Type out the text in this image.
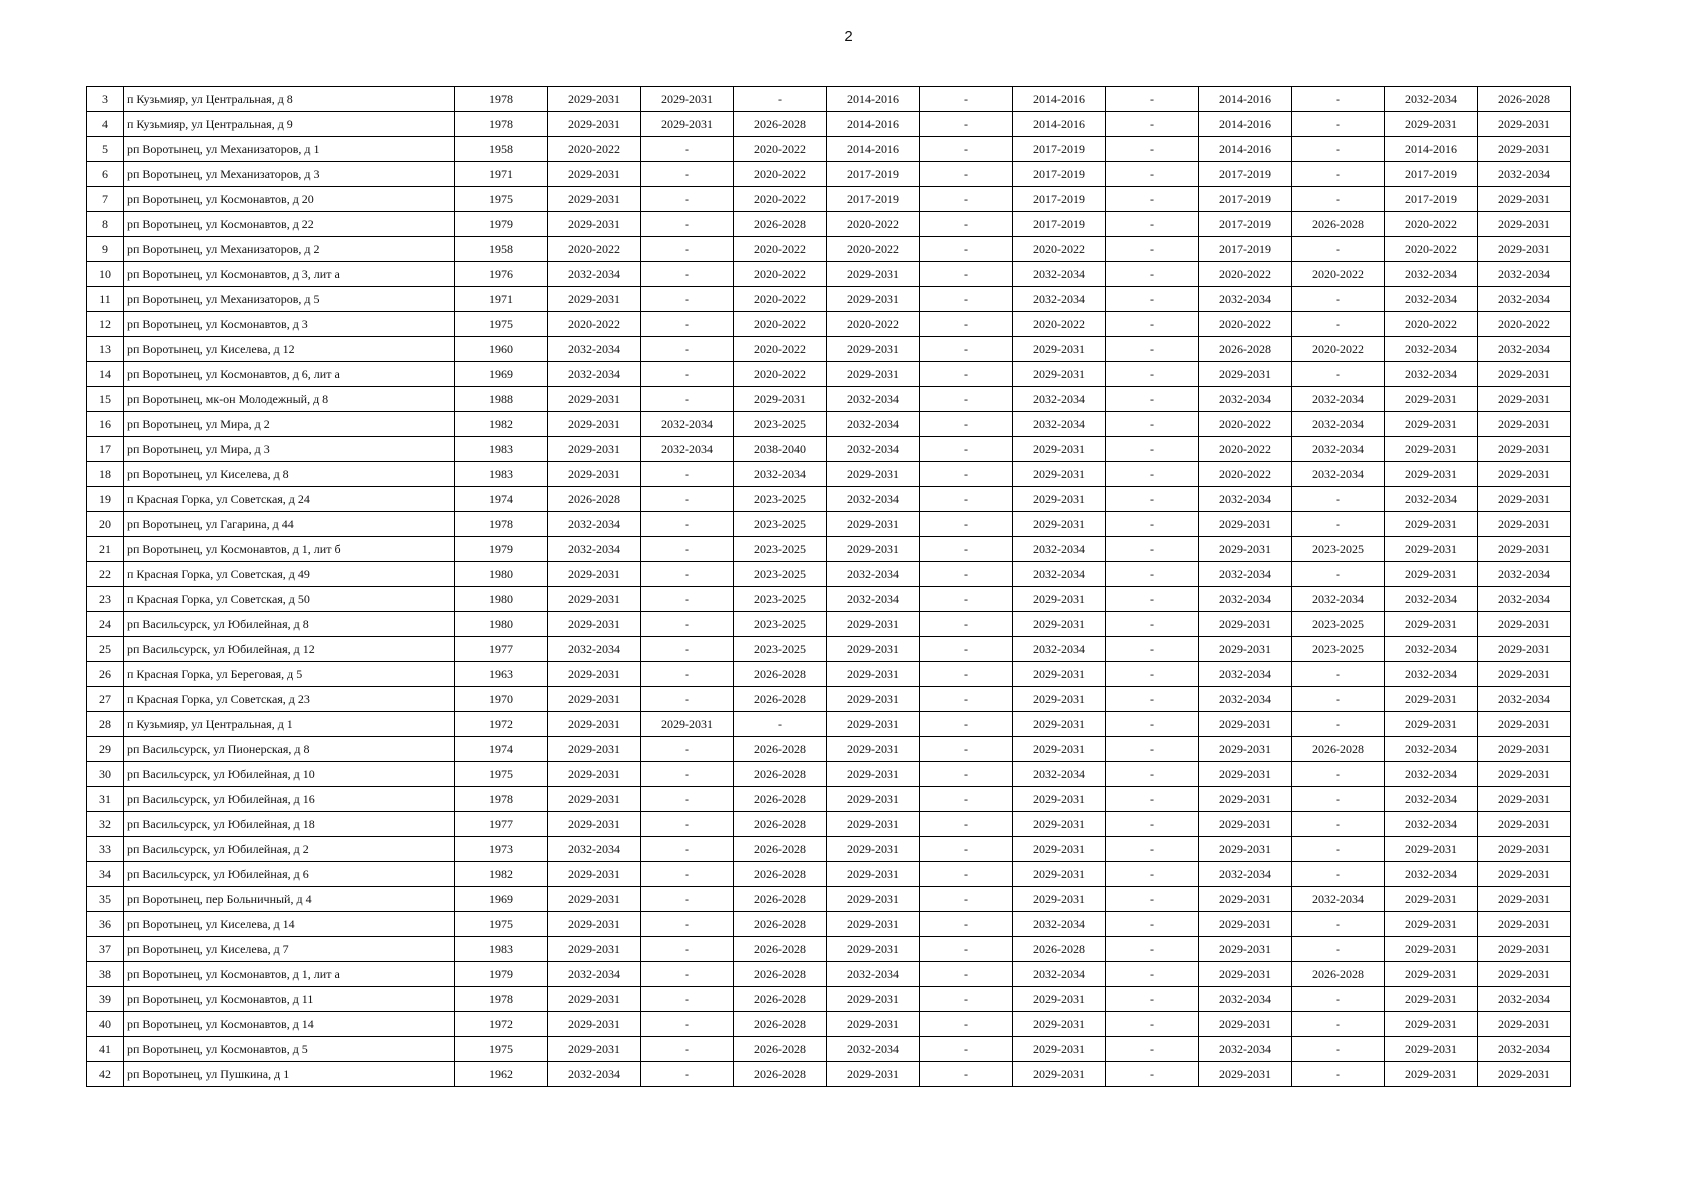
2
3	п Кузьмияр, ул Центральная, д 8	1978	2029-2031	2029-2031	-	2014-2016	-	2014-2016	-	2014-2016	-	2032-2034	2026-2028
4	п Кузьмияр, ул Центральная, д 9	1978	2029-2031	2029-2031	2026-2028	2014-2016	-	2014-2016	-	2014-2016	-	2029-2031	2029-2031
5	рп Воротынец, ул Механизаторов, д 1	1958	2020-2022	-	2020-2022	2014-2016	-	2017-2019	-	2014-2016	-	2014-2016	2029-2031
6	рп Воротынец, ул Механизаторов, д 3	1971	2029-2031	-	2020-2022	2017-2019	-	2017-2019	-	2017-2019	-	2017-2019	2032-2034
7	рп Воротынец, ул Космонавтов, д 20	1975	2029-2031	-	2020-2022	2017-2019	-	2017-2019	-	2017-2019	-	2017-2019	2029-2031
8	рп Воротынец, ул Космонавтов, д 22	1979	2029-2031	-	2026-2028	2020-2022	-	2017-2019	-	2017-2019	2026-2028	2020-2022	2029-2031
9	рп Воротынец, ул Механизаторов, д 2	1958	2020-2022	-	2020-2022	2020-2022	-	2020-2022	-	2017-2019	-	2020-2022	2029-2031
10	рп Воротынец, ул Космонавтов, д 3, лит а	1976	2032-2034	-	2020-2022	2029-2031	-	2032-2034	-	2020-2022	2020-2022	2032-2034	2032-2034
11	рп Воротынец, ул Механизаторов, д 5	1971	2029-2031	-	2020-2022	2029-2031	-	2032-2034	-	2032-2034	-	2032-2034	2032-2034
12	рп Воротынец, ул Космонавтов, д 3	1975	2020-2022	-	2020-2022	2020-2022	-	2020-2022	-	2020-2022	-	2020-2022	2020-2022
13	рп Воротынец, ул Киселева, д 12	1960	2032-2034	-	2020-2022	2029-2031	-	2029-2031	-	2026-2028	2020-2022	2032-2034	2032-2034
14	рп Воротынец, ул Космонавтов, д 6, лит а	1969	2032-2034	-	2020-2022	2029-2031	-	2029-2031	-	2029-2031	-	2032-2034	2029-2031
15	рп Воротынец, мк-он Молодежный, д 8	1988	2029-2031	-	2029-2031	2032-2034	-	2032-2034	-	2032-2034	2032-2034	2029-2031	2029-2031
16	рп Воротынец, ул Мира, д 2	1982	2029-2031	2032-2034	2023-2025	2032-2034	-	2032-2034	-	2020-2022	2032-2034	2029-2031	2029-2031
17	рп Воротынец, ул Мира, д 3	1983	2029-2031	2032-2034	2038-2040	2032-2034	-	2029-2031	-	2020-2022	2032-2034	2029-2031	2029-2031
18	рп Воротынец, ул Киселева, д 8	1983	2029-2031	-	2032-2034	2029-2031	-	2029-2031	-	2020-2022	2032-2034	2029-2031	2029-2031
19	п Красная Горка, ул Советская, д 24	1974	2026-2028	-	2023-2025	2032-2034	-	2029-2031	-	2032-2034	-	2032-2034	2029-2031
20	рп Воротынец, ул Гагарина, д 44	1978	2032-2034	-	2023-2025	2029-2031	-	2029-2031	-	2029-2031	-	2029-2031	2029-2031
21	рп Воротынец, ул Космонавтов, д 1, лит б	1979	2032-2034	-	2023-2025	2029-2031	-	2032-2034	-	2029-2031	2023-2025	2029-2031	2029-2031
22	п Красная Горка, ул Советская, д 49	1980	2029-2031	-	2023-2025	2032-2034	-	2032-2034	-	2032-2034	-	2029-2031	2032-2034
23	п Красная Горка, ул Советская, д 50	1980	2029-2031	-	2023-2025	2032-2034	-	2029-2031	-	2032-2034	2032-2034	2032-2034	2032-2034
24	рп Васильсурск, ул Юбилейная, д 8	1980	2029-2031	-	2023-2025	2029-2031	-	2029-2031	-	2029-2031	2023-2025	2029-2031	2029-2031
25	рп Васильсурск, ул Юбилейная, д 12	1977	2032-2034	-	2023-2025	2029-2031	-	2032-2034	-	2029-2031	2023-2025	2032-2034	2029-2031
26	п Красная Горка, ул Береговая, д 5	1963	2029-2031	-	2026-2028	2029-2031	-	2029-2031	-	2032-2034	-	2032-2034	2029-2031
27	п Красная Горка, ул Советская, д 23	1970	2029-2031	-	2026-2028	2029-2031	-	2029-2031	-	2032-2034	-	2029-2031	2032-2034
28	п Кузьмияр, ул Центральная, д 1	1972	2029-2031	2029-2031	-	2029-2031	-	2029-2031	-	2029-2031	-	2029-2031	2029-2031
29	рп Васильсурск, ул Пионерская, д 8	1974	2029-2031	-	2026-2028	2029-2031	-	2029-2031	-	2029-2031	2026-2028	2032-2034	2029-2031
30	рп Васильсурск, ул Юбилейная, д 10	1975	2029-2031	-	2026-2028	2029-2031	-	2032-2034	-	2029-2031	-	2032-2034	2029-2031
31	рп Васильсурск, ул Юбилейная, д 16	1978	2029-2031	-	2026-2028	2029-2031	-	2029-2031	-	2029-2031	-	2032-2034	2029-2031
32	рп Васильсурск, ул Юбилейная, д 18	1977	2029-2031	-	2026-2028	2029-2031	-	2029-2031	-	2029-2031	-	2032-2034	2029-2031
33	рп Васильсурск, ул Юбилейная, д 2	1973	2032-2034	-	2026-2028	2029-2031	-	2029-2031	-	2029-2031	-	2029-2031	2029-2031
34	рп Васильсурск, ул Юбилейная, д 6	1982	2029-2031	-	2026-2028	2029-2031	-	2029-2031	-	2032-2034	-	2032-2034	2029-2031
35	рп Воротынец, пер Больничный, д 4	1969	2029-2031	-	2026-2028	2029-2031	-	2029-2031	-	2029-2031	2032-2034	2029-2031	2029-2031
36	рп Воротынец, ул Киселева, д 14	1975	2029-2031	-	2026-2028	2029-2031	-	2032-2034	-	2029-2031	-	2029-2031	2029-2031
37	рп Воротынец, ул Киселева, д 7	1983	2029-2031	-	2026-2028	2029-2031	-	2026-2028	-	2029-2031	-	2029-2031	2029-2031
38	рп Воротынец, ул Космонавтов, д 1, лит а	1979	2032-2034	-	2026-2028	2032-2034	-	2032-2034	-	2029-2031	2026-2028	2029-2031	2029-2031
39	рп Воротынец, ул Космонавтов, д 11	1978	2029-2031	-	2026-2028	2029-2031	-	2029-2031	-	2032-2034	-	2029-2031	2032-2034
40	рп Воротынец, ул Космонавтов, д 14	1972	2029-2031	-	2026-2028	2029-2031	-	2029-2031	-	2029-2031	-	2029-2031	2029-2031
41	рп Воротынец, ул Космонавтов, д 5	1975	2029-2031	-	2026-2028	2032-2034	-	2029-2031	-	2032-2034	-	2029-2031	2032-2034
42	рп Воротынец, ул Пушкина, д 1	1962	2032-2034	-	2026-2028	2029-2031	-	2029-2031	-	2029-2031	-	2029-2031	2029-2031
